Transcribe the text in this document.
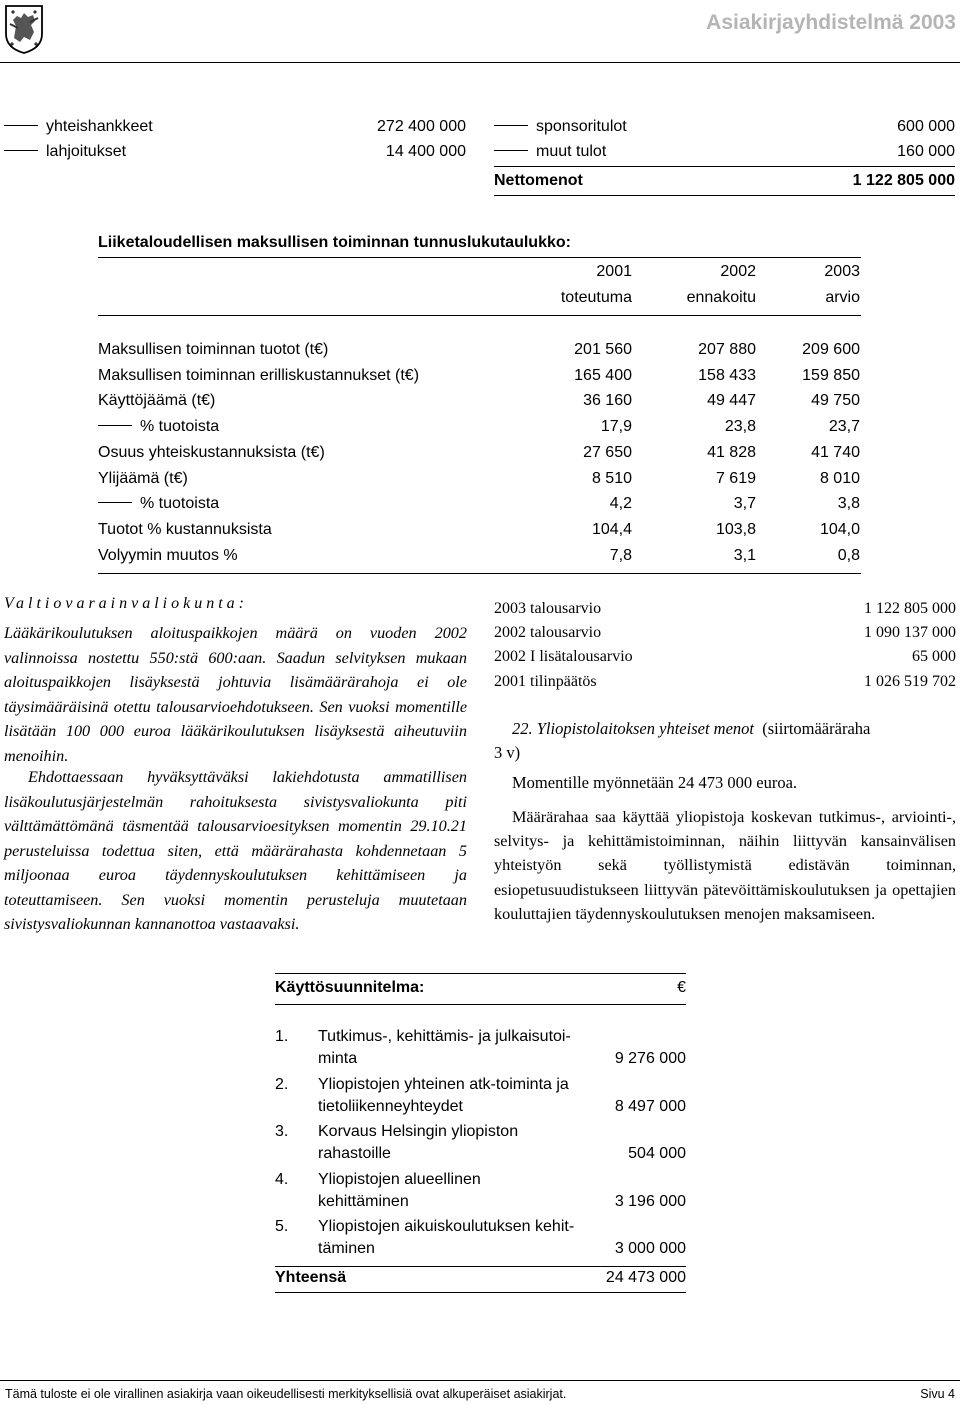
Asiakirjayhdistelmä 2003
yhteishankkeet	272 400 000
lahjoitukset	14 400 000
sponsoritulot	600 000
muut tulot	160 000
Nettomenot	1 122 805 000
Liiketaloudellisen maksullisen toiminnan tunnuslukutaulukko:
2001	2002	2003
toteutuma	ennakoitu	arvio
Maksullisen toiminnan tuotot (t€)	201 560	207 880	209 600
Maksullisen toiminnan erilliskustannukset (t€)	165 400	158 433	159 850
Käyttöjäämä (t€)	36 160	49 447	49 750
% tuotoista	17,9	23,8	23,7
Osuus yhteiskustannuksista (t€)	27 650	41 828	41 740
Ylijäämä (t€)	8 510	7 619	8 010
% tuotoista	4,2	3,7	3,8
Tuotot % kustannuksista	104,4	103,8	104,0
Volyymin muutos %	7,8	3,1	0,8
Valtiovarainvaliokunta:
Lääkärikoulutuksen aloituspaikkojen määrä on vuoden 2002 valinnoissa nostettu 550:stä 600:aan. Saadun selvityksen mukaan aloituspaikkojen lisäyksestä johtuvia lisämäärärahoja ei ole täysimääräisinä otettu talousarvioehdotukseen. Sen vuoksi momentille lisätään 100 000 euroa lääkärikoulutuksen lisäyksestä aiheutuviin menoihin.
Ehdottaessaan hyväksyttäväksi lakiehdotusta ammatillisen lisäkoulutusjärjestelmän rahoituksesta sivistysvaliokunta piti välttämättömänä täsmentää talousarvioesityksen momentin 29.10.21 perusteluissa todettua siten, että määrärahasta kohdennetaan 5 miljoonaa euroa täydennyskoulutuksen kehittämiseen ja toteuttamiseen. Sen vuoksi momentin perusteluja muutetaan sivistysvaliokunnan kannanottoa vastaavaksi.
2003 talousarvio	1 122 805 000
2002 talousarvio	1 090 137 000
2002 I lisätalousarvio	65 000
2001 tilinpäätös	1 026 519 702
22. Yliopistolaitoksen yhteiset menot (siirtomääräraha
3 v)
Momentille myönnetään 24 473 000 euroa.
Määrärahaa saa käyttää yliopistoja koskevan tutkimus-, arviointi-, selvitys- ja kehittämistoiminnan, näihin liittyvän kansainvälisen yhteistyön sekä työllistymistä edistävän toiminnan, esiopetusuudistukseen liittyvän pätevöittämiskoulutuksen ja opettajien kouluttajien täydennyskoulutuksen menojen maksamiseen.
Käyttösuunnitelma:	€
1. Tutkimus-, kehittämis- ja julkaisutoi-
minta	9 276 000
2. Yliopistojen yhteinen atk-toiminta ja
tietoliikenneyhteydet	8 497 000
3. Korvaus Helsingin yliopiston
rahastoille	504 000
4. Yliopistojen alueellinen
kehittäminen	3 196 000
5. Yliopistojen aikuiskoulutuksen kehit-
täminen	3 000 000
Yhteensä	24 473 000
Tämä tuloste ei ole virallinen asiakirja vaan oikeudellisesti merkityksellisiä ovat alkuperäiset asiakirjat.	Sivu 4
